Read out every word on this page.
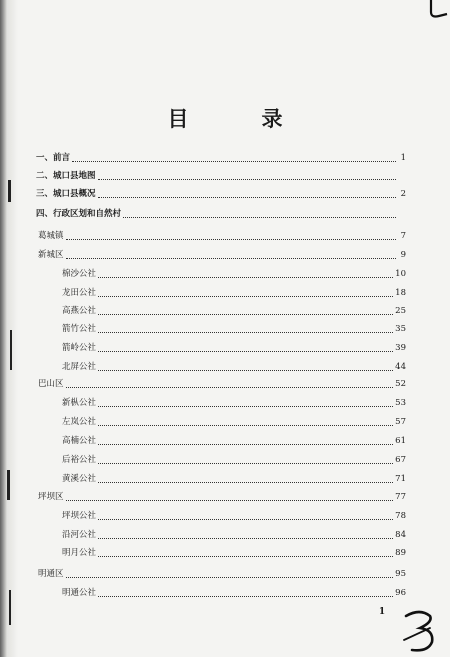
目　录
一、前言	1
二、城口县地图
三、城口县概况	2
四、行政区划和自然村
葛城镇	7
新城区	9
棉沙公社	10
龙田公社	18
高燕公社	25
箭竹公社	35
箭岭公社	39
北屏公社	44
巴山区	52
新枞公社	53
左岚公社	57
高楠公社	61
后裕公社	67
黄溪公社	71
坪坝区	77
坪坝公社	78
沿河公社	84
明月公社	89
明通区	95
明通公社	96
1
